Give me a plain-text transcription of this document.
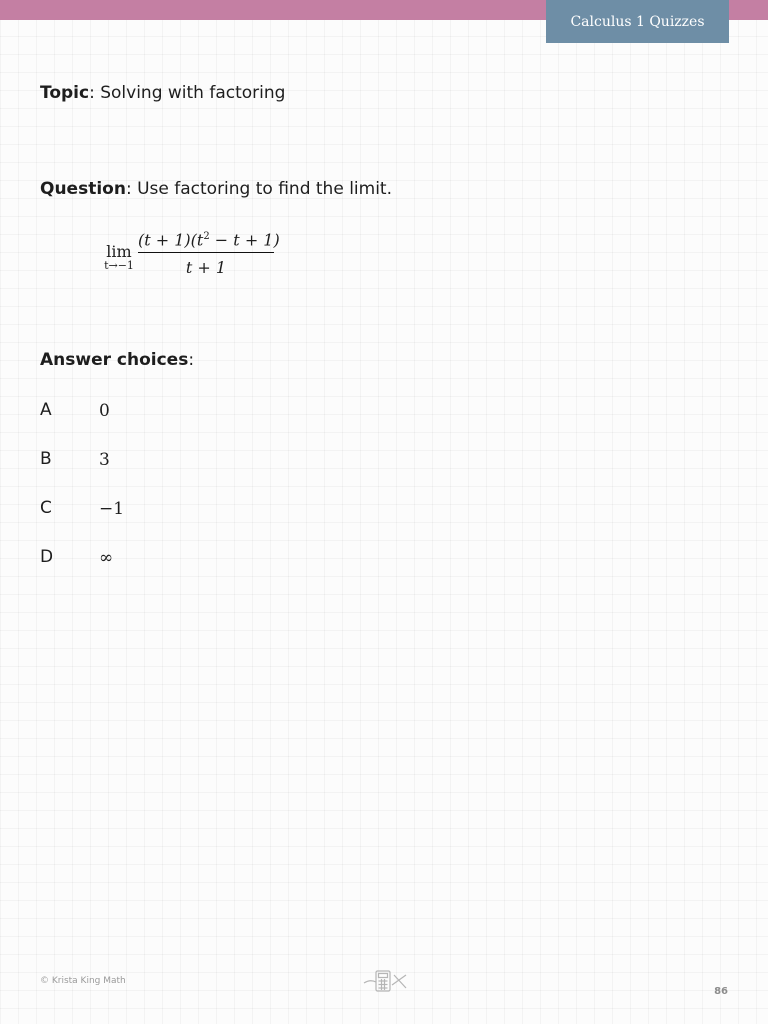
Calculus 1 Quizzes
Topic: Solving with factoring
Question: Use factoring to find the limit.
lim
t→−1
$(t + 1)(t^2 - t + 1)$
t + 1
Answer choices:
A	0
B	3
C	−1
D	∞
© Krista King Math
86
